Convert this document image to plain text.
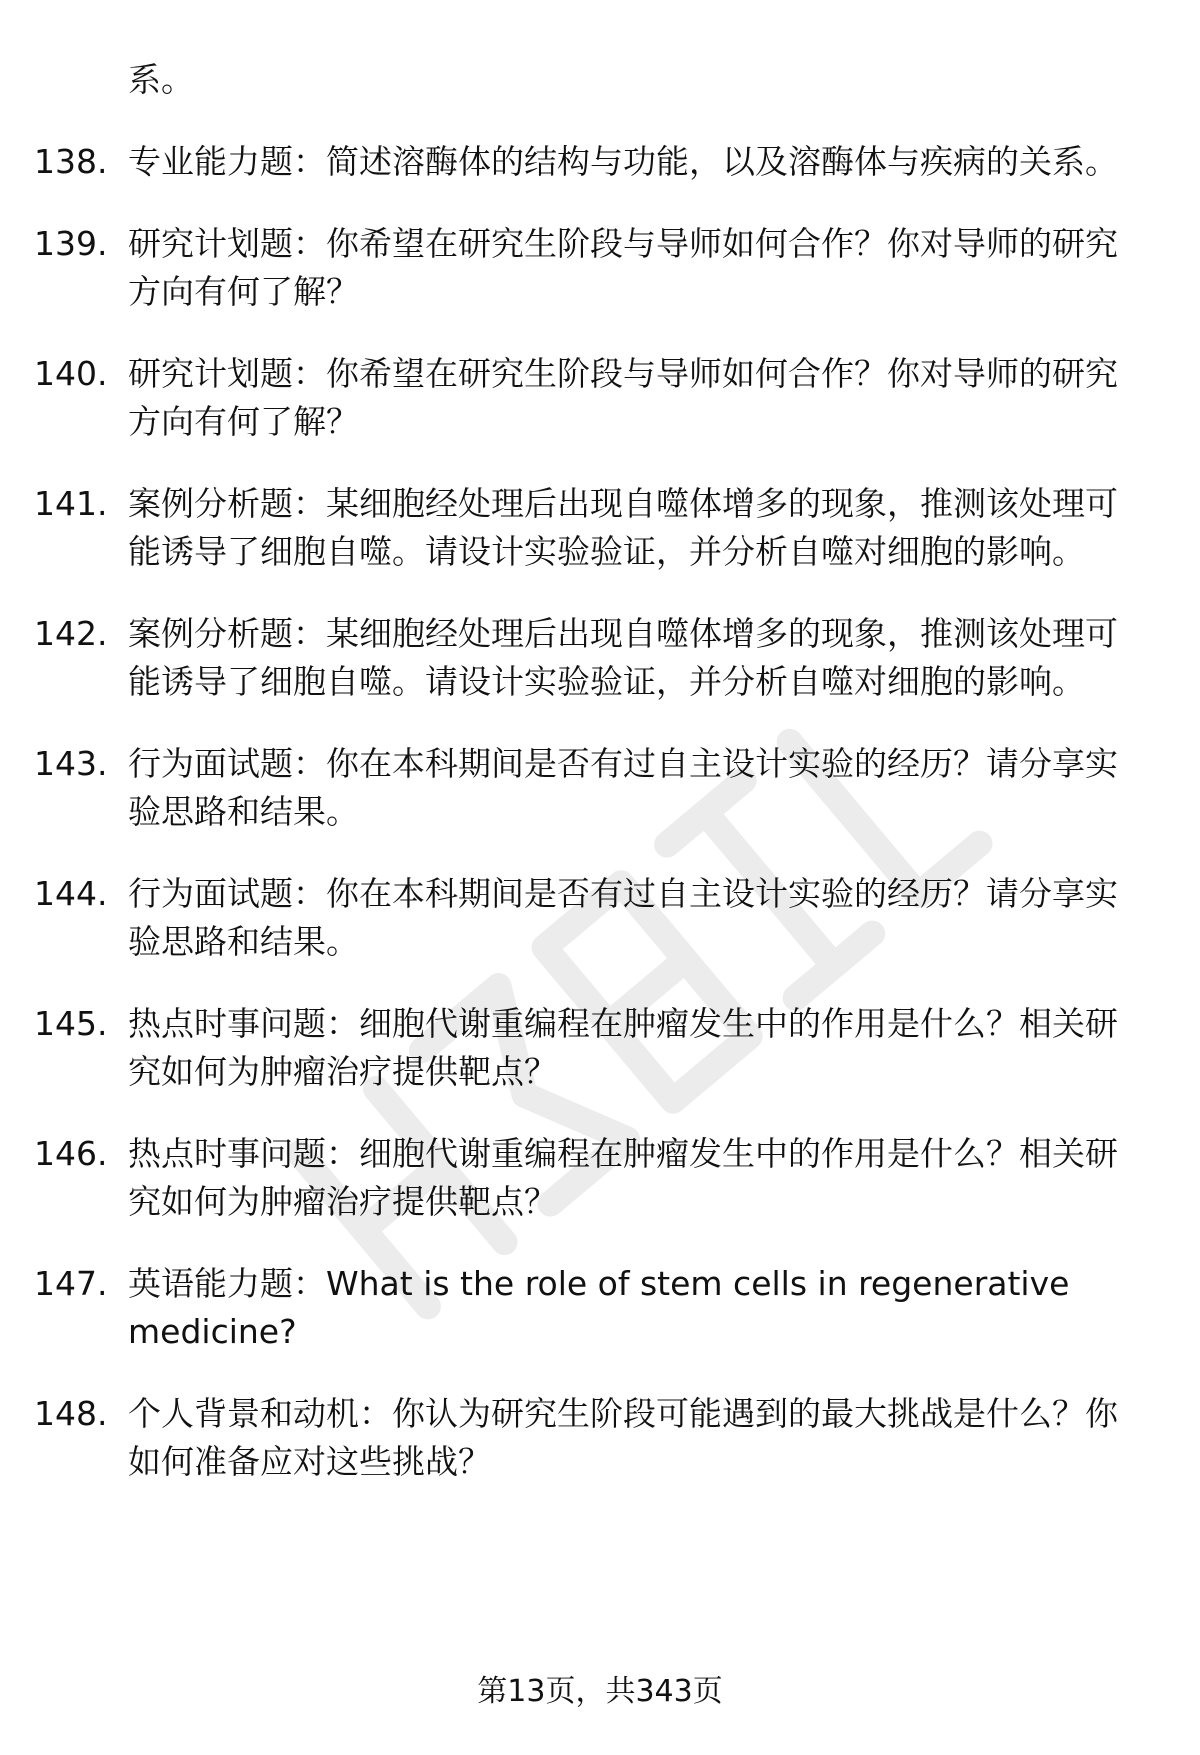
系。
138. 专业能力题：简述溶酶体的结构与功能，以及溶酶体与疾病的关系。
139. 研究计划题：你希望在研究生阶段与导师如何合作？你对导师的研究方向有何了解？
140. 研究计划题：你希望在研究生阶段与导师如何合作？你对导师的研究方向有何了解？
141. 案例分析题：某细胞经处理后出现自噬体增多的现象，推测该处理可能诱导了细胞自噬。请设计实验验证，并分析自噬对细胞的影响。
142. 案例分析题：某细胞经处理后出现自噬体增多的现象，推测该处理可能诱导了细胞自噬。请设计实验验证，并分析自噬对细胞的影响。
143. 行为面试题：你在本科期间是否有过自主设计实验的经历？请分享实验思路和结果。
144. 行为面试题：你在本科期间是否有过自主设计实验的经历？请分享实验思路和结果。
145. 热点时事问题：细胞代谢重编程在肿瘤发生中的作用是什么？相关研究如何为肿瘤治疗提供靶点？
146. 热点时事问题：细胞代谢重编程在肿瘤发生中的作用是什么？相关研究如何为肿瘤治疗提供靶点？
147. 英语能力题：What is the role of stem cells in regenerative medicine?
148. 个人背景和动机：你认为研究生阶段可能遇到的最大挑战是什么？你如何准备应对这些挑战？
第13页，共343页
